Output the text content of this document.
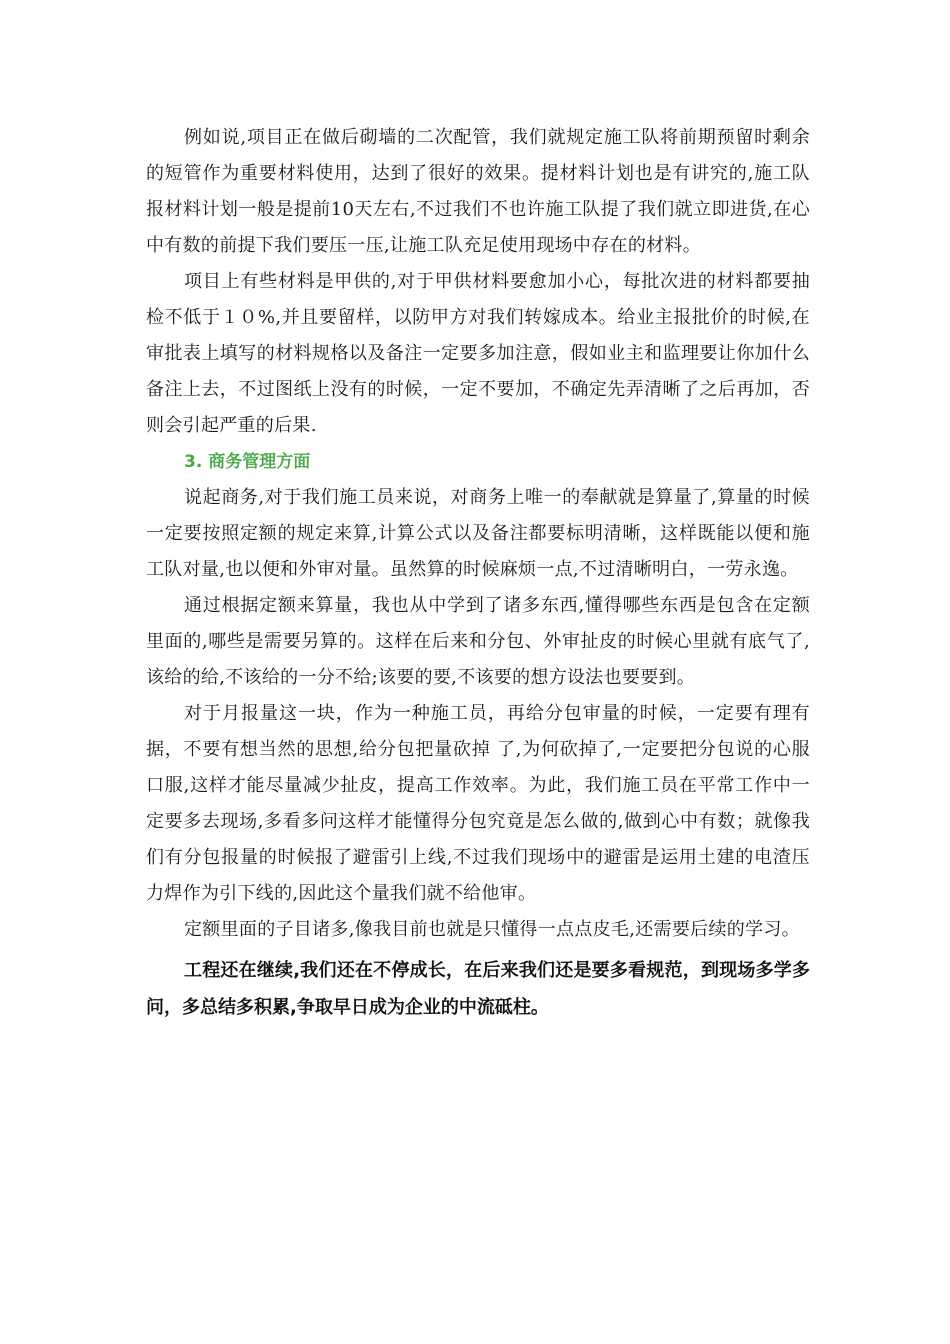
例如说,项目正在做后砌墙的二次配管，我们就规定施工队将前期预留时剩余的短管作为重要材料使用，达到了很好的效果。提材料计划也是有讲究的,施工队报材料计划一般是提前10天左右,不过我们不也许施工队提了我们就立即进货,在心中有数的前提下我们要压一压,让施工队充足使用现场中存在的材料。

项目上有些材料是甲供的,对于甲供材料要愈加小心，每批次进的材料都要抽检不低于１０%,并且要留样，以防甲方对我们转嫁成本。给业主报批价的时候,在审批表上填写的材料规格以及备注一定要多加注意，假如业主和监理要让你加什么备注上去，不过图纸上没有的时候，一定不要加，不确定先弄清晰了之后再加，否则会引起严重的后果.

3. 商务管理方面

说起商务,对于我们施工员来说，对商务上唯一的奉献就是算量了,算量的时候一定要按照定额的规定来算,计算公式以及备注都要标明清晰，这样既能以便和施工队对量,也以便和外审对量。虽然算的时候麻烦一点,不过清晰明白，一劳永逸。

通过根据定额来算量，我也从中学到了诸多东西,懂得哪些东西是包含在定额里面的,哪些是需要另算的。这样在后来和分包、外审扯皮的时候心里就有底气了,该给的给,不该给的一分不给;该要的要,不该要的想方设法也要要到。

对于月报量这一块，作为一种施工员，再给分包审量的时候，一定要有理有据，不要有想当然的思想,给分包把量砍掉 了,为何砍掉了,一定要把分包说的心服口服,这样才能尽量减少扯皮，提高工作效率。为此，我们施工员在平常工作中一定要多去现场,多看多问这样才能懂得分包究竟是怎么做的,做到心中有数；就像我们有分包报量的时候报了避雷引上线,不过我们现场中的避雷是运用土建的电渣压力焊作为引下线的,因此这个量我们就不给他审。

定额里面的子目诸多,像我目前也就是只懂得一点点皮毛,还需要后续的学习。

工程还在继续,我们还在不停成长，在后来我们还是要多看规范，到现场多学多问，多总结多积累,争取早日成为企业的中流砥柱。
